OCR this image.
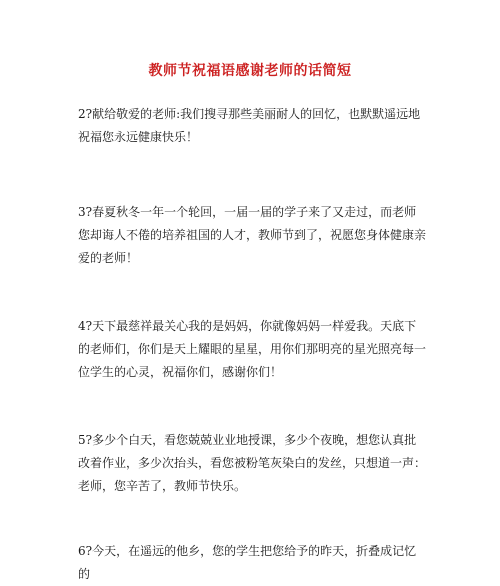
教师节祝福语感谢老师的话简短

2?献给敬爱的老师:我们搜寻那些美丽耐人的回忆，也默默遥远地祝福您永远健康快乐！

3?春夏秋冬一年一个轮回，一届一届的学子来了又走过，而老师您却诲人不倦的培养祖国的人才，教师节到了，祝愿您身体健康亲爱的老师！

4?天下最慈祥最关心我的是妈妈，你就像妈妈一样爱我。天底下的老师们，你们是天上耀眼的星星，用你们那明亮的星光照亮每一位学生的心灵，祝福你们，感谢你们！

5?多少个白天，看您兢兢业业地授课，多少个夜晚，想您认真批改着作业，多少次抬头，看您被粉笔灰染白的发丝，只想道一声：老师，您辛苦了，教师节快乐。

6?今天，在遥远的他乡，您的学生把您给予的昨天，折叠成记忆的
